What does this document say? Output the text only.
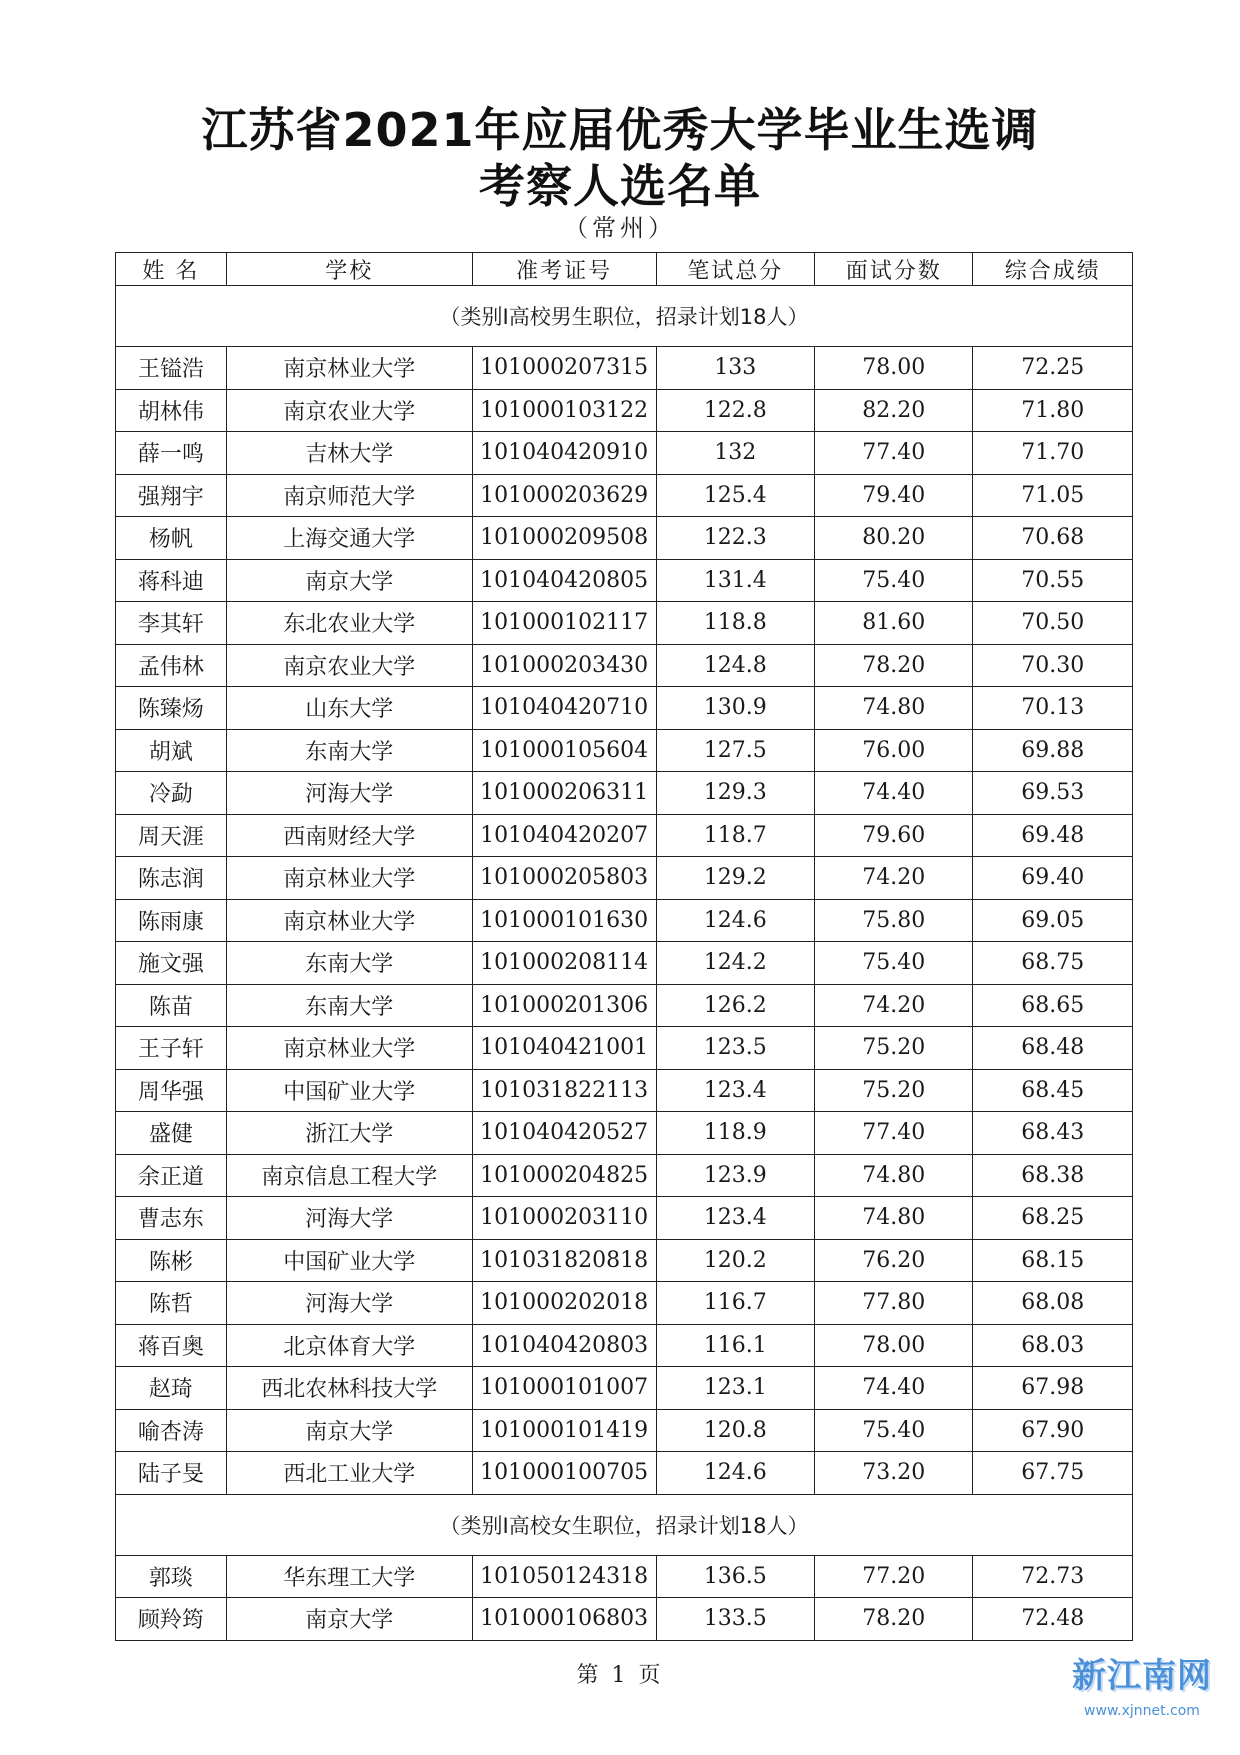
江苏省2021年应届优秀大学毕业生选调
考察人选名单
（常州）
姓 名	学校	准考证号	笔试总分	面试分数	综合成绩
（类别Ⅰ高校男生职位，招录计划18人）					
王镒浩	南京林业大学	101000207315	133	78.00	72.25
胡林伟	南京农业大学	101000103122	122.8	82.20	71.80
薛一鸣	吉林大学	101040420910	132	77.40	71.70
强翔宇	南京师范大学	101000203629	125.4	79.40	71.05
杨帆	上海交通大学	101000209508	122.3	80.20	70.68
蒋科迪	南京大学	101040420805	131.4	75.40	70.55
李其轩	东北农业大学	101000102117	118.8	81.60	70.50
孟伟林	南京农业大学	101000203430	124.8	78.20	70.30
陈臻炀	山东大学	101040420710	130.9	74.80	70.13
胡斌	东南大学	101000105604	127.5	76.00	69.88
冷勐	河海大学	101000206311	129.3	74.40	69.53
周天涯	西南财经大学	101040420207	118.7	79.60	69.48
陈志润	南京林业大学	101000205803	129.2	74.20	69.40
陈雨康	南京林业大学	101000101630	124.6	75.80	69.05
施文强	东南大学	101000208114	124.2	75.40	68.75
陈苗	东南大学	101000201306	126.2	74.20	68.65
王子轩	南京林业大学	101040421001	123.5	75.20	68.48
周华强	中国矿业大学	101031822113	123.4	75.20	68.45
盛健	浙江大学	101040420527	118.9	77.40	68.43
余正道	南京信息工程大学	101000204825	123.9	74.80	68.38
曹志东	河海大学	101000203110	123.4	74.80	68.25
陈彬	中国矿业大学	101031820818	120.2	76.20	68.15
陈哲	河海大学	101000202018	116.7	77.80	68.08
蒋百奥	北京体育大学	101040420803	116.1	78.00	68.03
赵琦	西北农林科技大学	101000101007	123.1	74.40	67.98
喻杏涛	南京大学	101000101419	120.8	75.40	67.90
陆子旻	西北工业大学	101000100705	124.6	73.20	67.75
（类别Ⅰ高校女生职位，招录计划18人）					
郭琰	华东理工大学	101050124318	136.5	77.20	72.73
顾羚筠	南京大学	101000106803	133.5	78.20	72.48
第 1 页	新江南网
www.xjnnet.com
